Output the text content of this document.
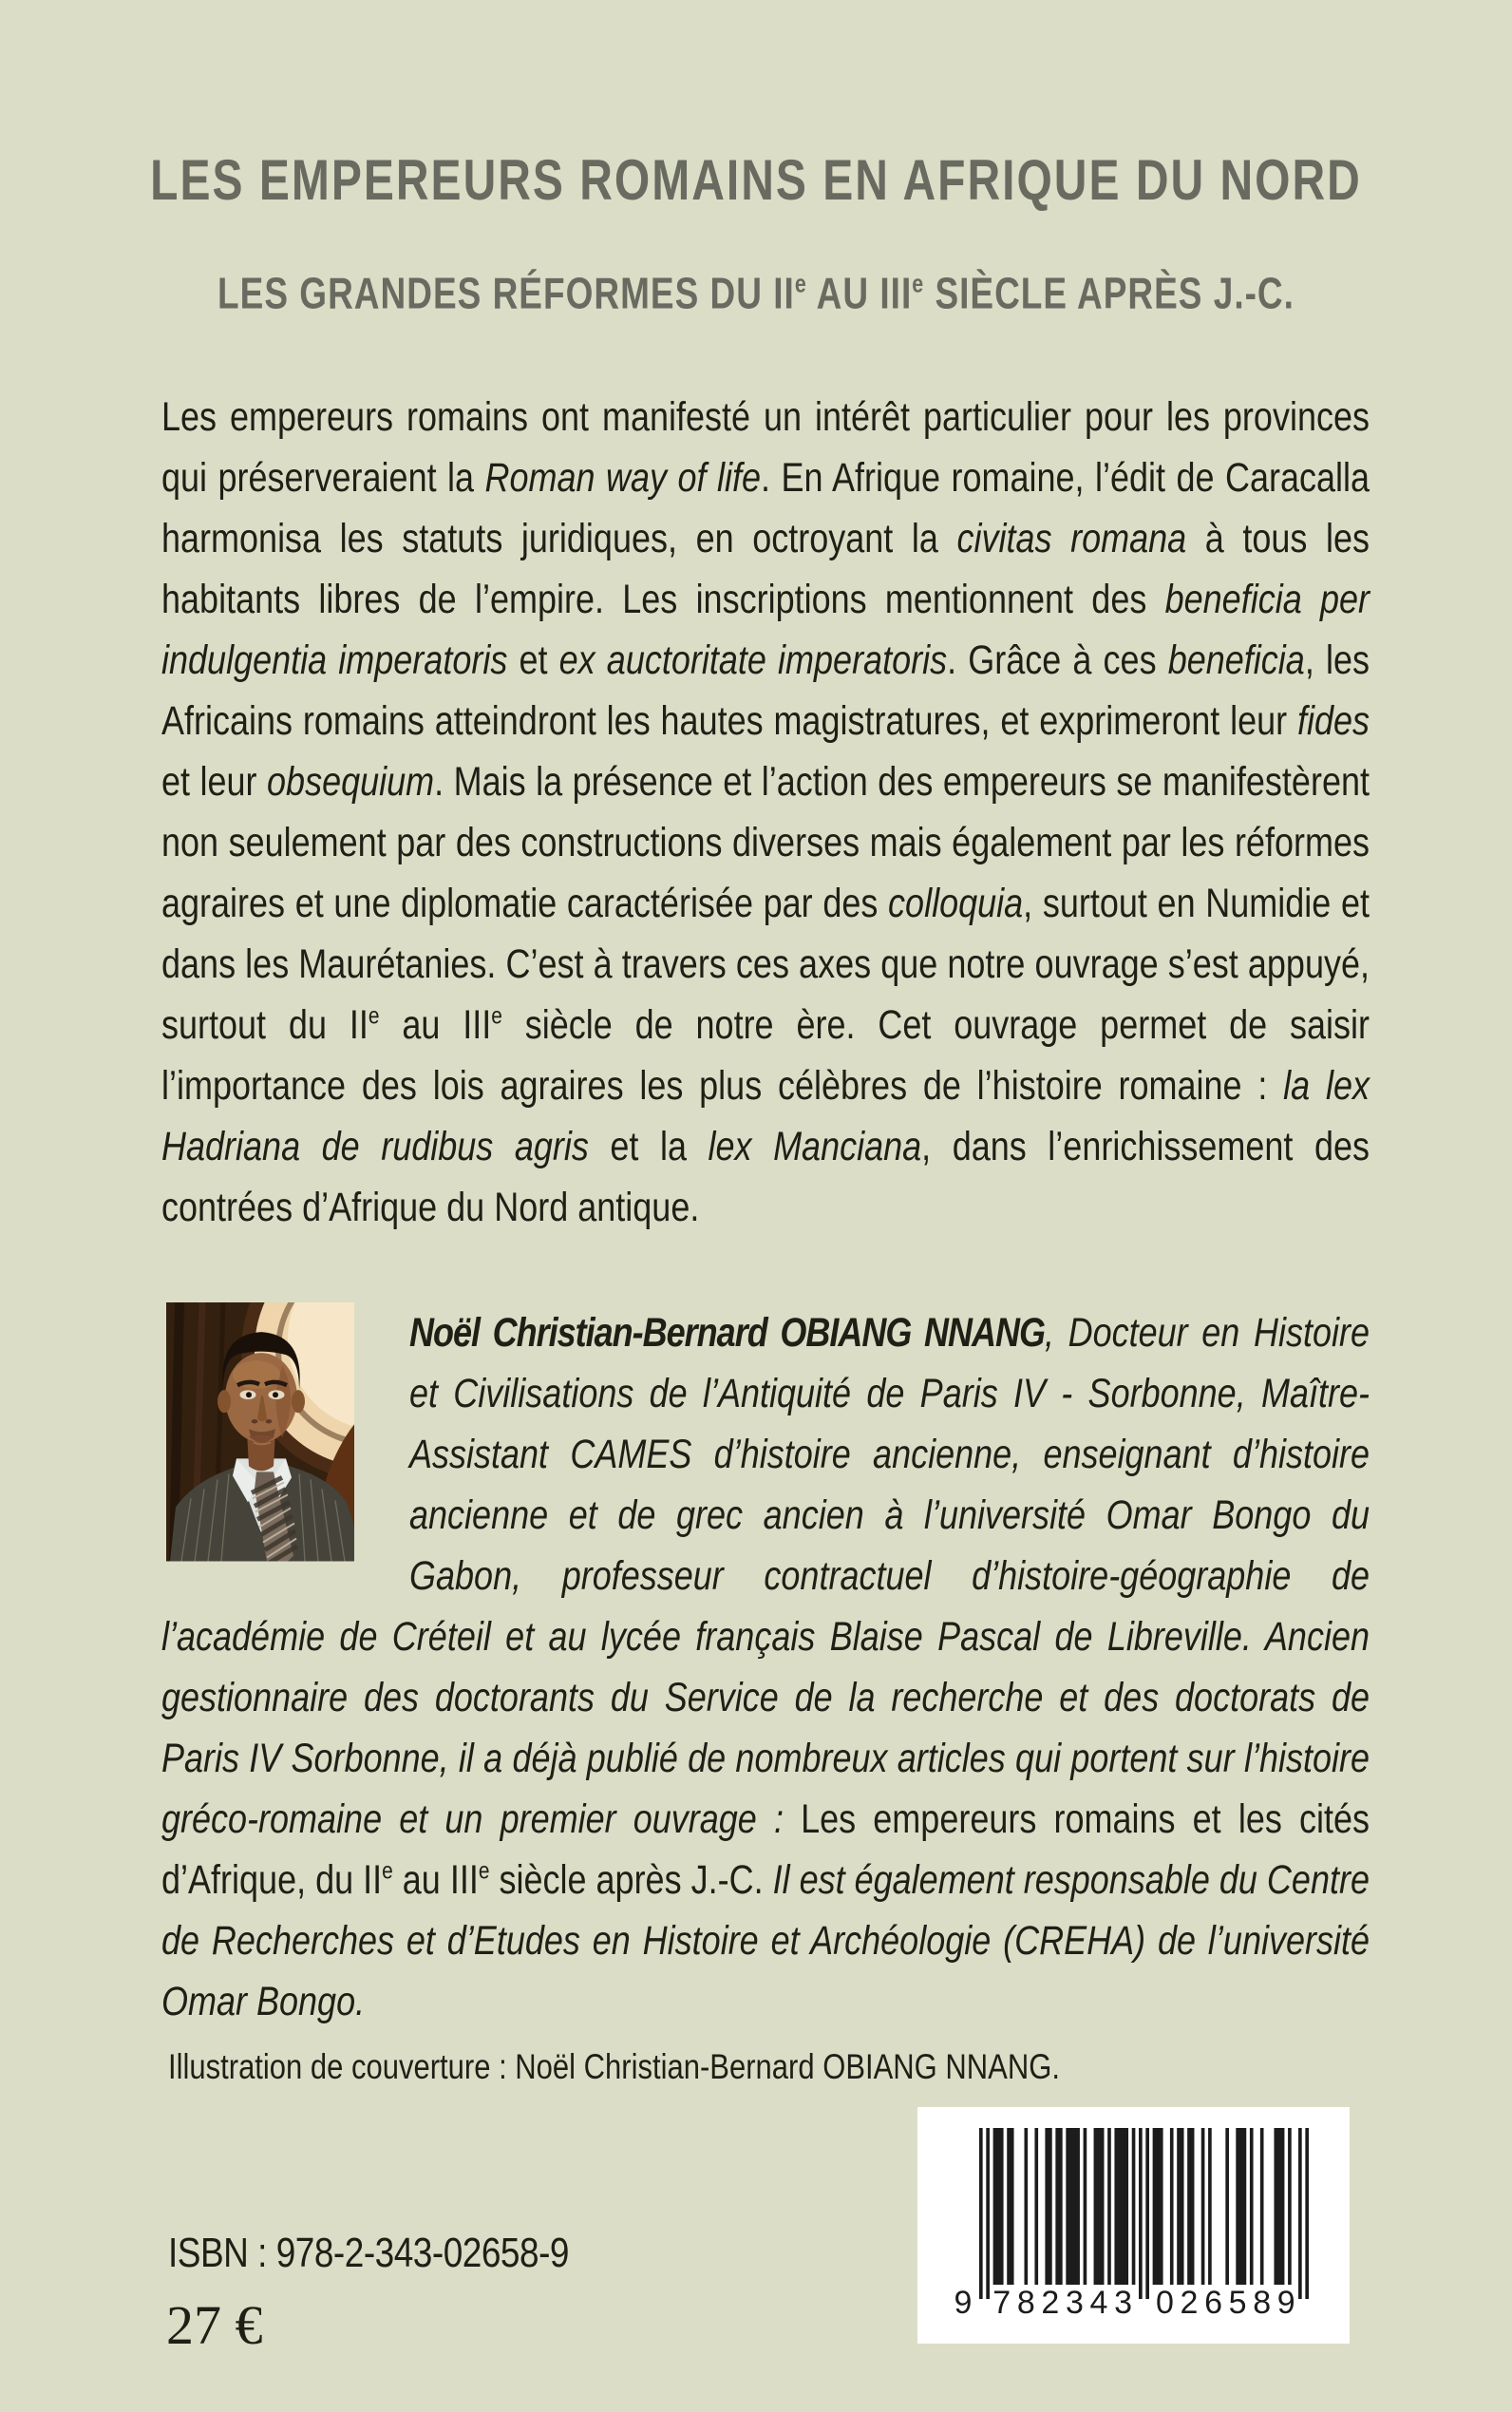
LES EMPEREURS ROMAINS EN AFRIQUE DU NORD
LES GRANDES RÉFORMES DU IIe AU IIIe SIÈCLE APRÈS J.-C.

Les empereurs romains ont manifesté un intérêt particulier pour les provinces qui préserveraient la Roman way of life. En Afrique romaine, l’édit de Caracalla harmonisa les statuts juridiques, en octroyant la civitas romana à tous les habitants libres de l’empire. Les inscriptions mentionnent des beneficia per indulgentia imperatoris et ex auctoritate imperatoris. Grâce à ces beneficia, les Africains romains atteindront les hautes magistratures, et exprimeront leur fides et leur obsequium. Mais la présence et l’action des empereurs se manifestèrent non seulement par des constructions diverses mais également par les réformes agraires et une diplomatie caractérisée par des colloquia, surtout en Numidie et dans les Maurétanies. C’est à travers ces axes que notre ouvrage s’est appuyé, surtout du IIe au IIIe siècle de notre ère. Cet ouvrage permet de saisir l’importance des lois agraires les plus célèbres de l’histoire romaine : la lex Hadriana de rudibus agris et la lex Manciana, dans l’enrichissement des contrées d’Afrique du Nord antique.

Noël Christian-Bernard OBIANG NNANG, Docteur en Histoire et Civilisations de l’Antiquité de Paris IV - Sorbonne, Maître-Assistant CAMES d’histoire ancienne, enseignant d’histoire ancienne et de grec ancien à l’université Omar Bongo du Gabon, professeur contractuel d’histoire-géographie de l’académie de Créteil et au lycée français Blaise Pascal de Libreville. Ancien gestionnaire des doctorants du Service de la recherche et des doctorats de Paris IV Sorbonne, il a déjà publié de nombreux articles qui portent sur l’histoire gréco-romaine et un premier ouvrage : Les empereurs romains et les cités d’Afrique, du IIe au IIIe siècle après J.-C. Il est également responsable du Centre de Recherches et d’Etudes en Histoire et Archéologie (CREHA) de l’université Omar Bongo.

Illustration de couverture : Noël Christian-Bernard OBIANG NNANG.

ISBN : 978-2-343-02658-9

27 €	9 7 8 2 3 4 3 0 2 6 5 8 9
